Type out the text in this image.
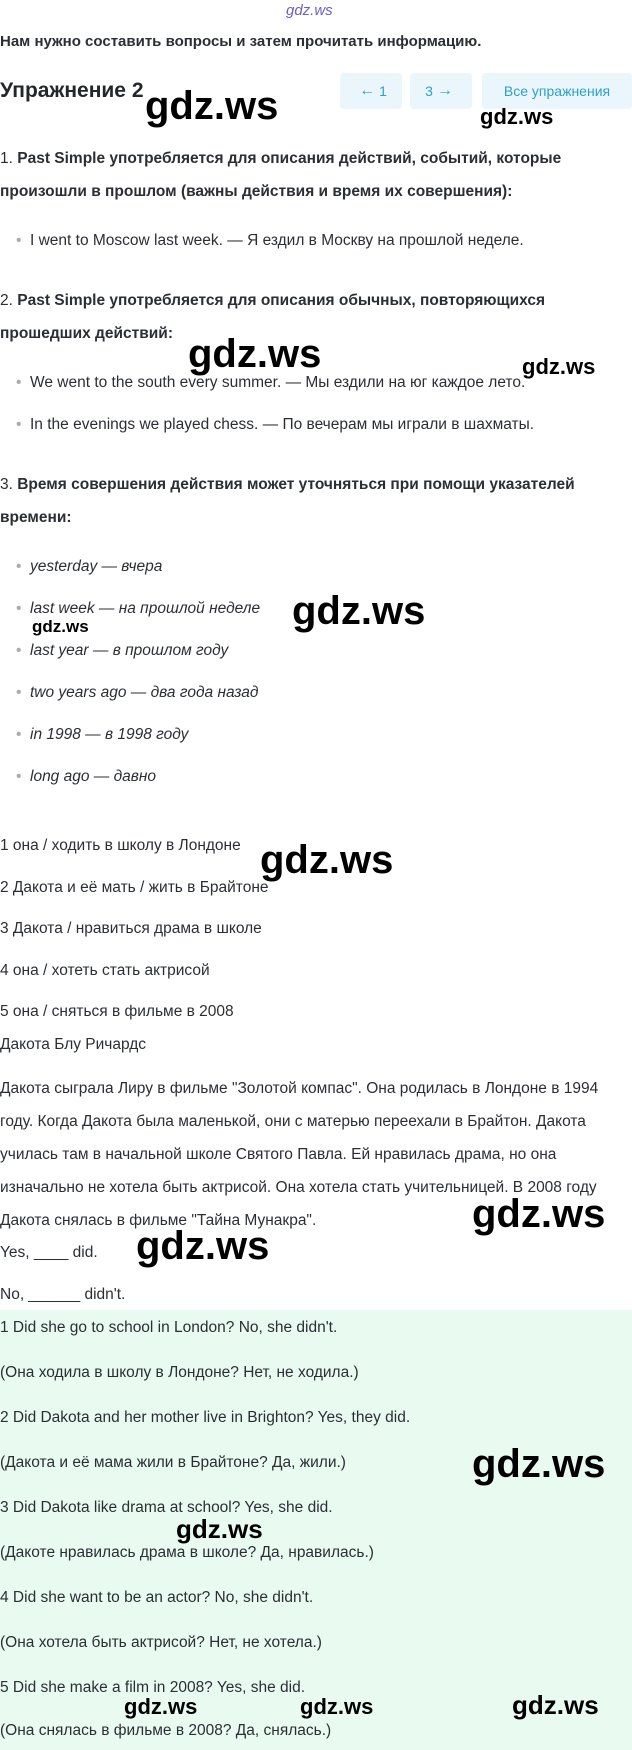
gdz.ws
Нам нужно составить вопросы и затем прочитать информацию.
Упражнение 2	← 1	3 →	Все упражнения
1. Past Simple употребляется для описания действий, событий, которые произошли в прошлом (важны действия и время их совершения):
• I went to Moscow last week. — Я ездил в Москву на прошлой неделе.
2. Past Simple употребляется для описания обычных, повторяющихся прошедших действий:
• We went to the south every summer. — Мы ездили на юг каждое лето.
• In the evenings we played chess. — По вечерам мы играли в шахматы.
3. Время совершения действия может уточняться при помощи указателей времени:
• yesterday — вчера
• last week — на прошлой неделе
• last year — в прошлом году
• two years ago — два года назад
• in 1998 — в 1998 году
• long ago — давно
1 она / ходить в школу в Лондоне
2 Дакота и её мать / жить в Брайтоне
3 Дакота / нравиться драма в школе
4 она / хотеть стать актрисой
5 она / сняться в фильме в 2008
Дакота Блу Ричардс
Дакота сыграла Лиру в фильме "Золотой компас". Она родилась в Лондоне в 1994 году. Когда Дакота была маленькой, они с матерью переехали в Брайтон. Дакота училась там в начальной школе Святого Павла. Ей нравилась драма, но она изначально не хотела быть актрисой. Она хотела стать учительницей. В 2008 году Дакота снялась в фильме "Тайна Мунакра".
Yes, ____ did.
No, ______ didn't.
1 Did she go to school in London? No, she didn't.
(Она ходила в школу в Лондоне? Нет, не ходила.)
2 Did Dakota and her mother live in Brighton? Yes, they did.
(Дакота и её мама жили в Брайтоне? Да, жили.)
3 Did Dakota like drama at school? Yes, she did.
(Дакоте нравилась драма в школе? Да, нравилась.)
4 Did she want to be an actor? No, she didn't.
(Она хотела быть актрисой? Нет, не хотела.)
5 Did she make a film in 2008? Yes, she did.
(Она снялась в фильме в 2008? Да, снялась.)
gdz.ws	gdz.ws
gdz.ws	gdz.ws
gdz.ws
gdz.ws
gdz.ws
gdz.ws
gdz.ws
gdz.ws
gdz.ws
gdz.ws	gdz.ws	gdz.ws
